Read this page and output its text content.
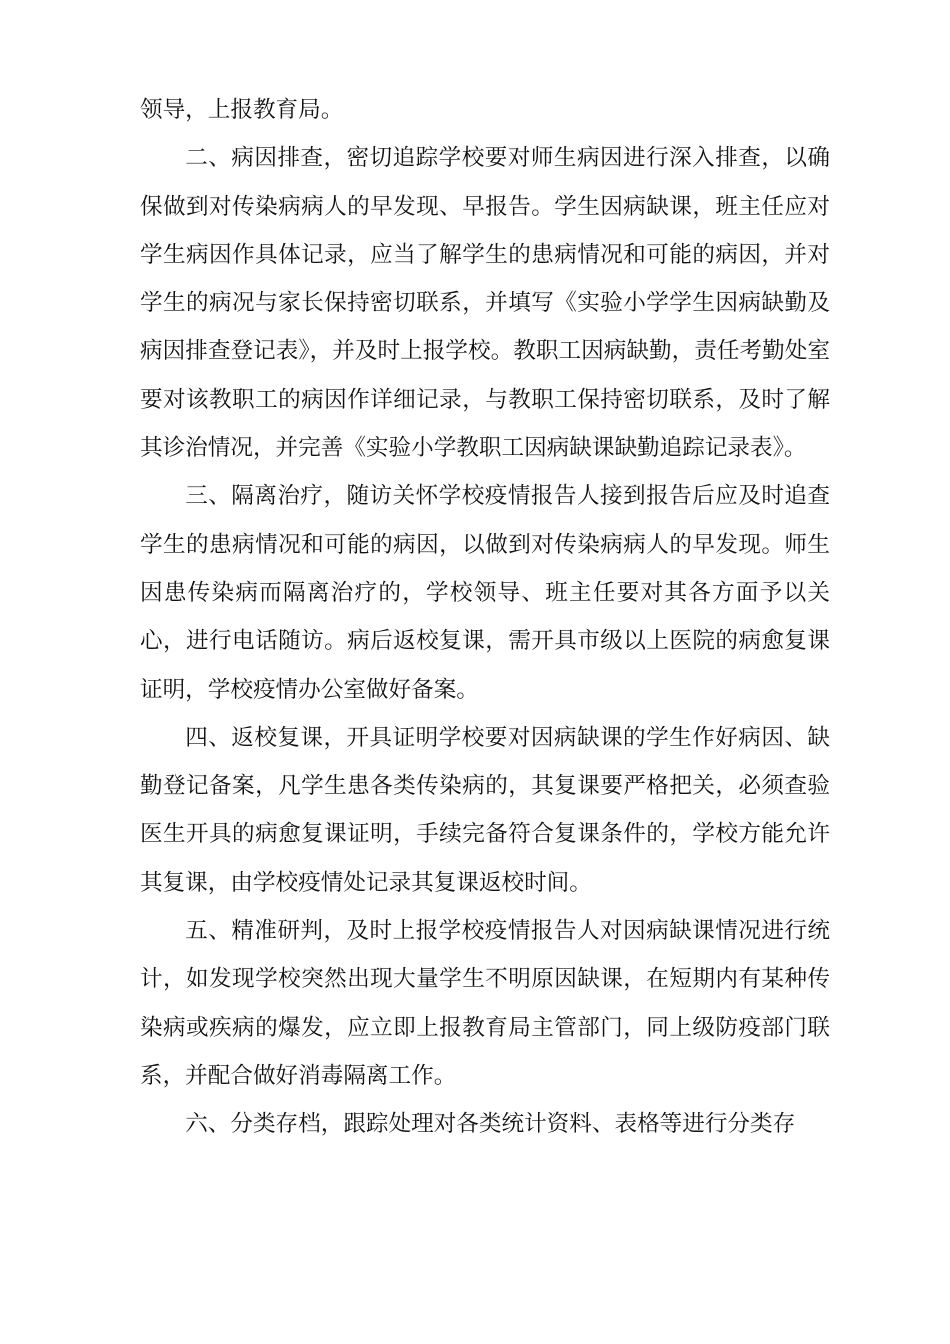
领导，上报教育局。

二、病因排查，密切追踪学校要对师生病因进行深入排查，以确保做到对传染病病人的早发现、早报告。学生因病缺课，班主任应对学生病因作具体记录，应当了解学生的患病情况和可能的病因，并对学生的病况与家长保持密切联系，并填写《实验小学学生因病缺勤及病因排查登记表》，并及时上报学校。教职工因病缺勤，责任考勤处室要对该教职工的病因作详细记录，与教职工保持密切联系，及时了解其诊治情况，并完善《实验小学教职工因病缺课缺勤追踪记录表》。

三、隔离治疗，随访关怀学校疫情报告人接到报告后应及时追查学生的患病情况和可能的病因，以做到对传染病病人的早发现。师生因患传染病而隔离治疗的，学校领导、班主任要对其各方面予以关心，进行电话随访。病后返校复课，需开具市级以上医院的病愈复课证明，学校疫情办公室做好备案。

四、返校复课，开具证明学校要对因病缺课的学生作好病因、缺勤登记备案，凡学生患各类传染病的，其复课要严格把关，必须查验医生开具的病愈复课证明，手续完备符合复课条件的，学校方能允许其复课，由学校疫情处记录其复课返校时间。

五、精准研判，及时上报学校疫情报告人对因病缺课情况进行统计，如发现学校突然出现大量学生不明原因缺课，在短期内有某种传染病或疾病的爆发，应立即上报教育局主管部门，同上级防疫部门联系，并配合做好消毒隔离工作。

六、分类存档，跟踪处理对各类统计资料、表格等进行分类存
